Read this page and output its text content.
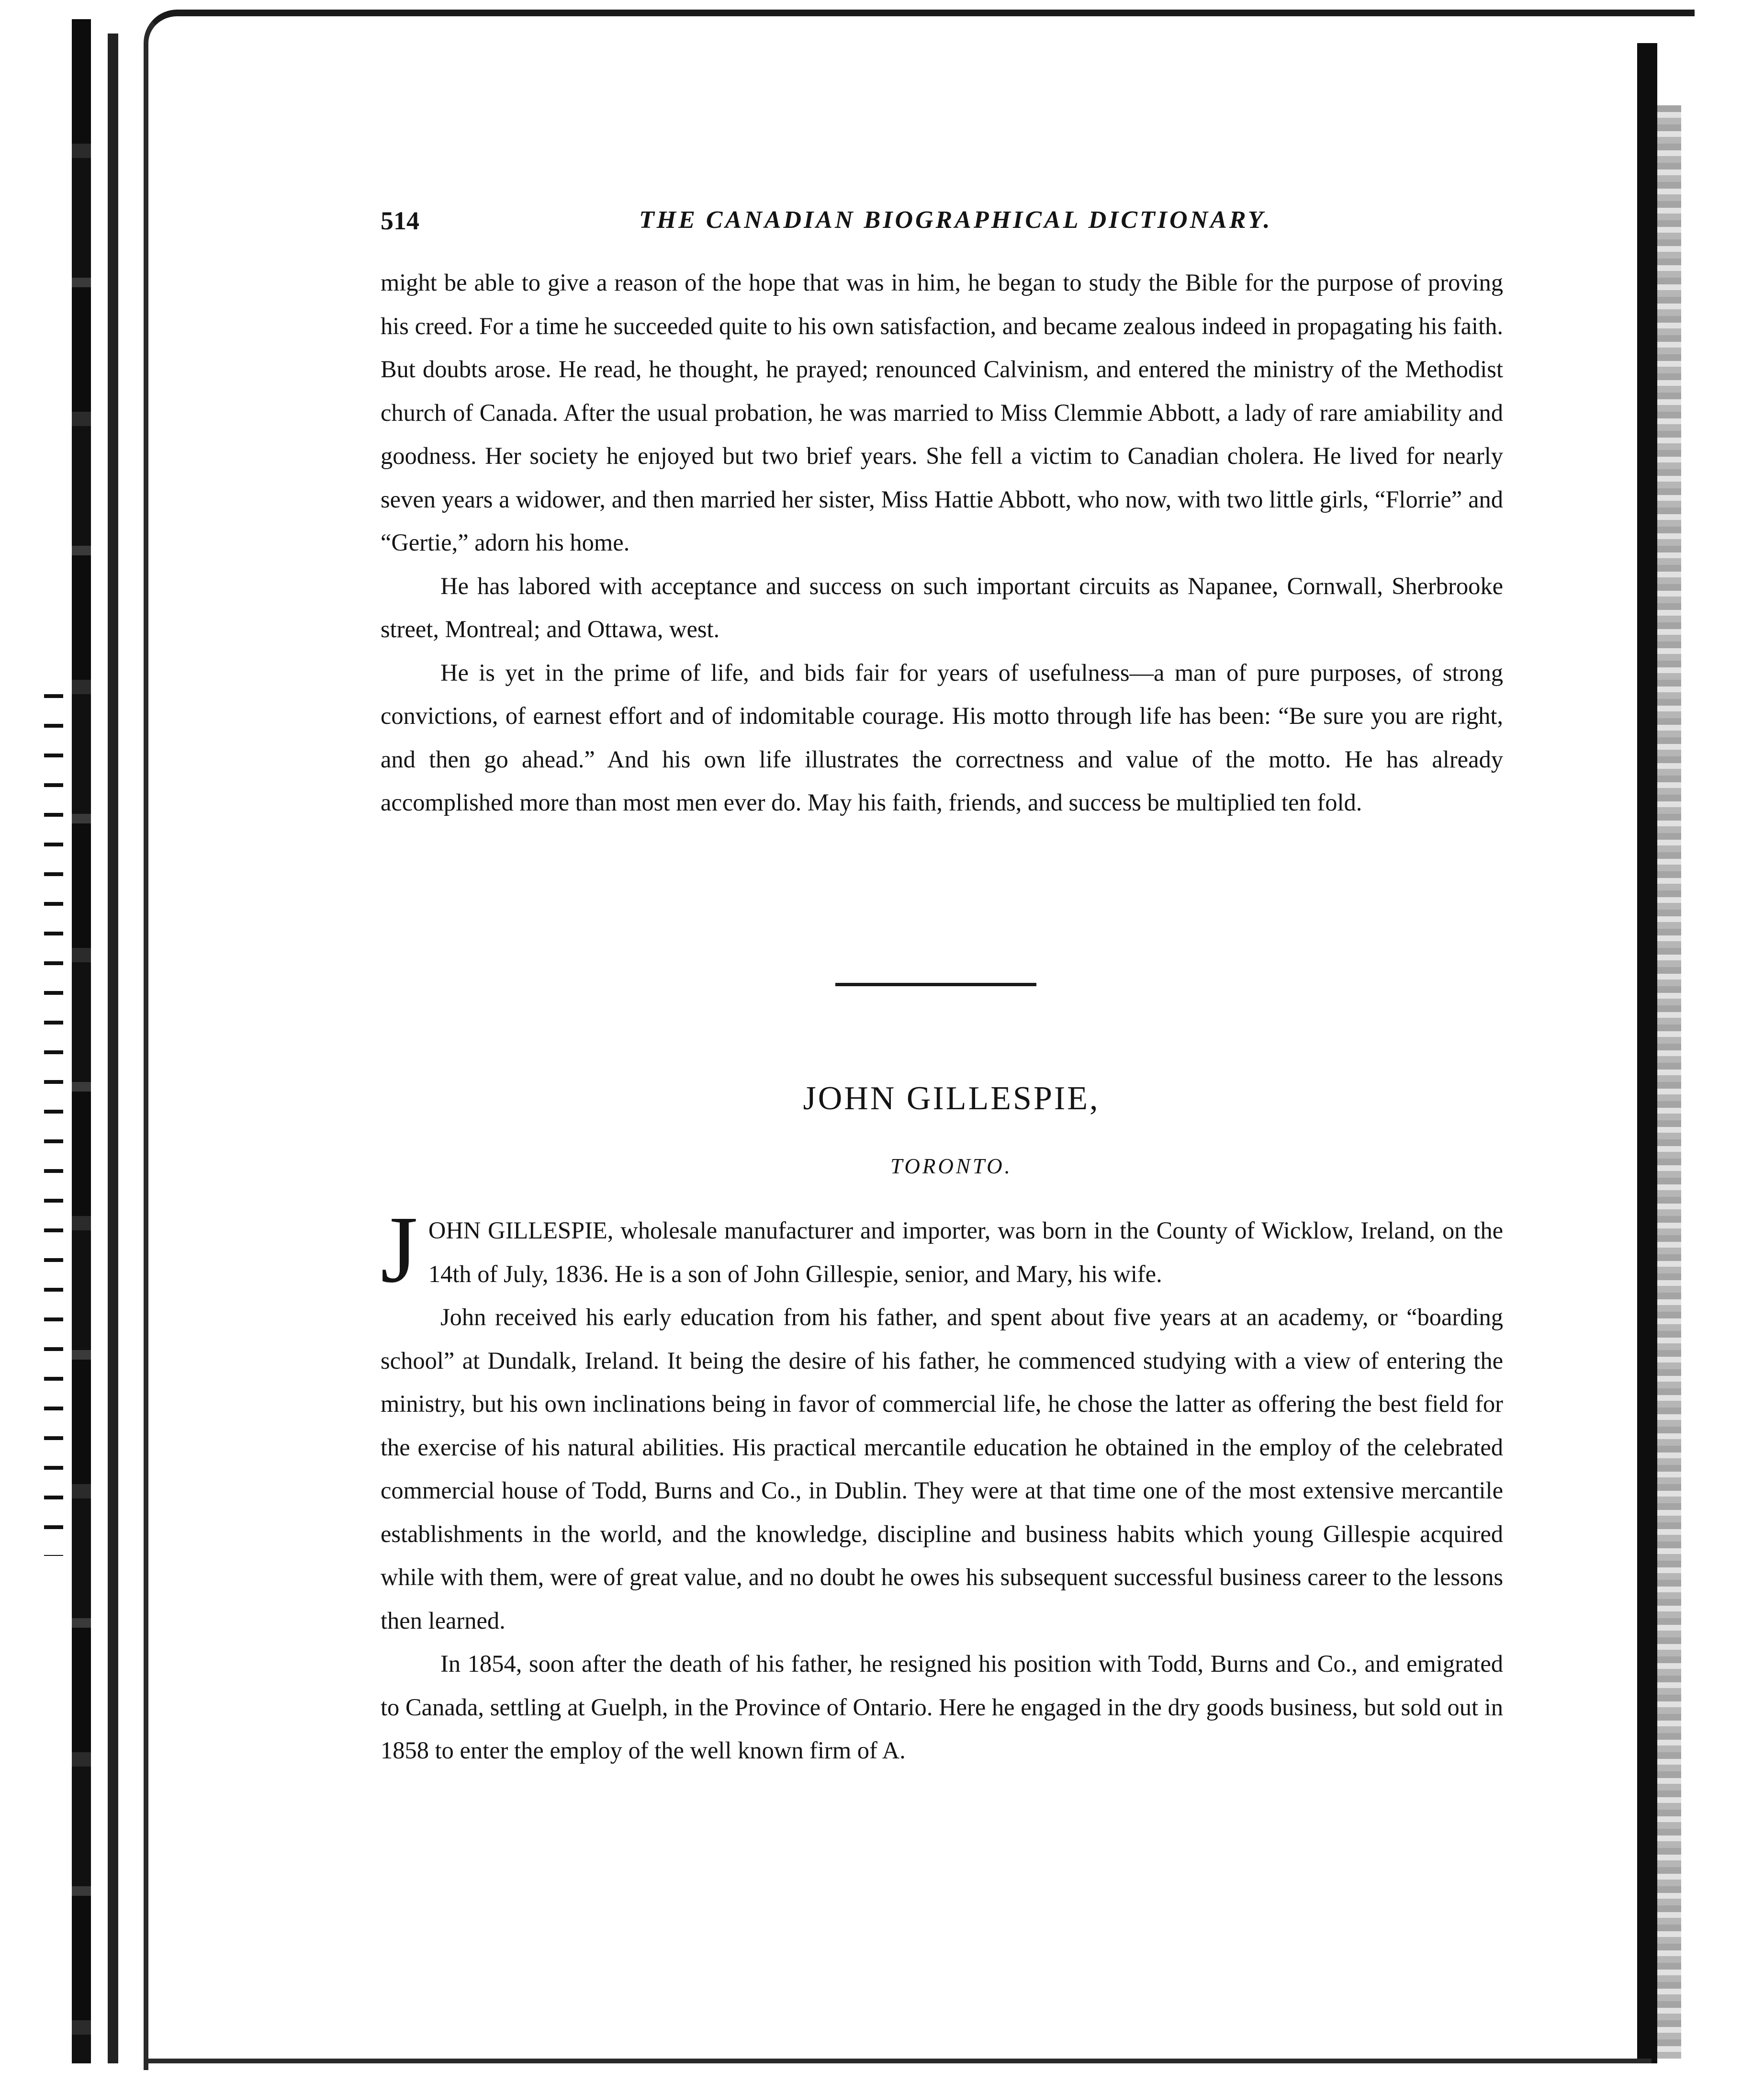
514	THE CANADIAN BIOGRAPHICAL DICTIONARY.

might be able to give a reason of the hope that was in him, he began to study the Bible for the purpose of proving his creed. For a time he succeeded quite to his own satisfaction, and became zealous indeed in propagating his faith. But doubts arose. He read, he thought, he prayed; renounced Calvinism, and entered the ministry of the Methodist church of Canada. After the usual probation, he was married to Miss Clemmie Abbott, a lady of rare amiability and goodness. Her society he enjoyed but two brief years. She fell a victim to Canadian cholera. He lived for nearly seven years a widower, and then married her sister, Miss Hattie Abbott, who now, with two little girls, “Florrie” and “Gertie,” adorn his home.

He has labored with acceptance and success on such important circuits as Napanee, Cornwall, Sherbrooke street, Montreal; and Ottawa, west.

He is yet in the prime of life, and bids fair for years of usefulness—a man of pure purposes, of strong convictions, of earnest effort and of indomitable courage. His motto through life has been: “Be sure you are right, and then go ahead.” And his own life illustrates the correctness and value of the motto. He has already accomplished more than most men ever do. May his faith, friends, and success be multiplied ten fold.

JOHN GILLESPIE,
TORONTO.

JOHN GILLESPIE, wholesale manufacturer and importer, was born in the County of Wicklow, Ireland, on the 14th of July, 1836. He is a son of John Gillespie, senior, and Mary, his wife.

John received his early education from his father, and spent about five years at an academy, or “boarding school” at Dundalk, Ireland. It being the desire of his father, he commenced studying with a view of entering the ministry, but his own inclinations being in favor of commercial life, he chose the latter as offering the best field for the exercise of his natural abilities. His practical mercantile education he obtained in the employ of the celebrated commercial house of Todd, Burns and Co., in Dublin. They were at that time one of the most extensive mercantile establishments in the world, and the knowledge, discipline and business habits which young Gillespie acquired while with them, were of great value, and no doubt he owes his subsequent successful business career to the lessons then learned.

In 1854, soon after the death of his father, he resigned his position with Todd, Burns and Co., and emigrated to Canada, settling at Guelph, in the Province of Ontario. Here he engaged in the dry goods business, but sold out in 1858 to enter the employ of the well known firm of A.
